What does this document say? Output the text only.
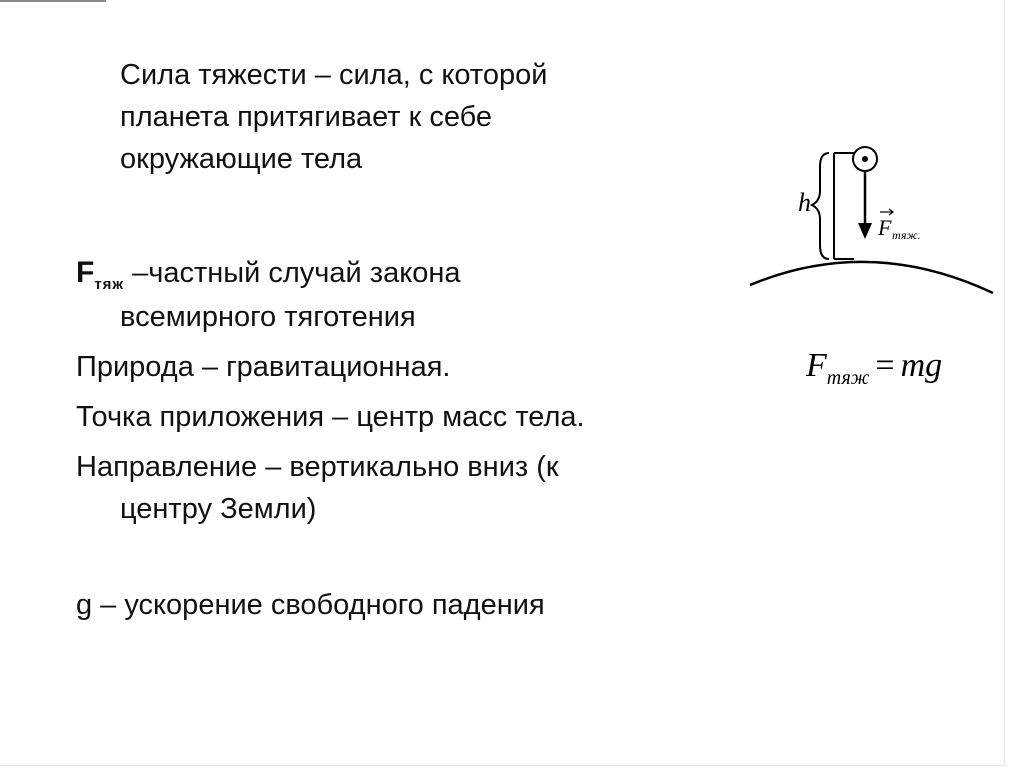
Сила тяжести – сила, с которой
планета притягивает к себе
окружающие тела
$F_{тяж}$ –частный случай закона
всемирного тяготения
Природа – гравитационная.
Точка приложения – центр масс тела.
Направление – вертикально вниз (к
центру Земли)
g – ускорение свободного падения
h
F тяж.
$F_{тяж}$ = mg
